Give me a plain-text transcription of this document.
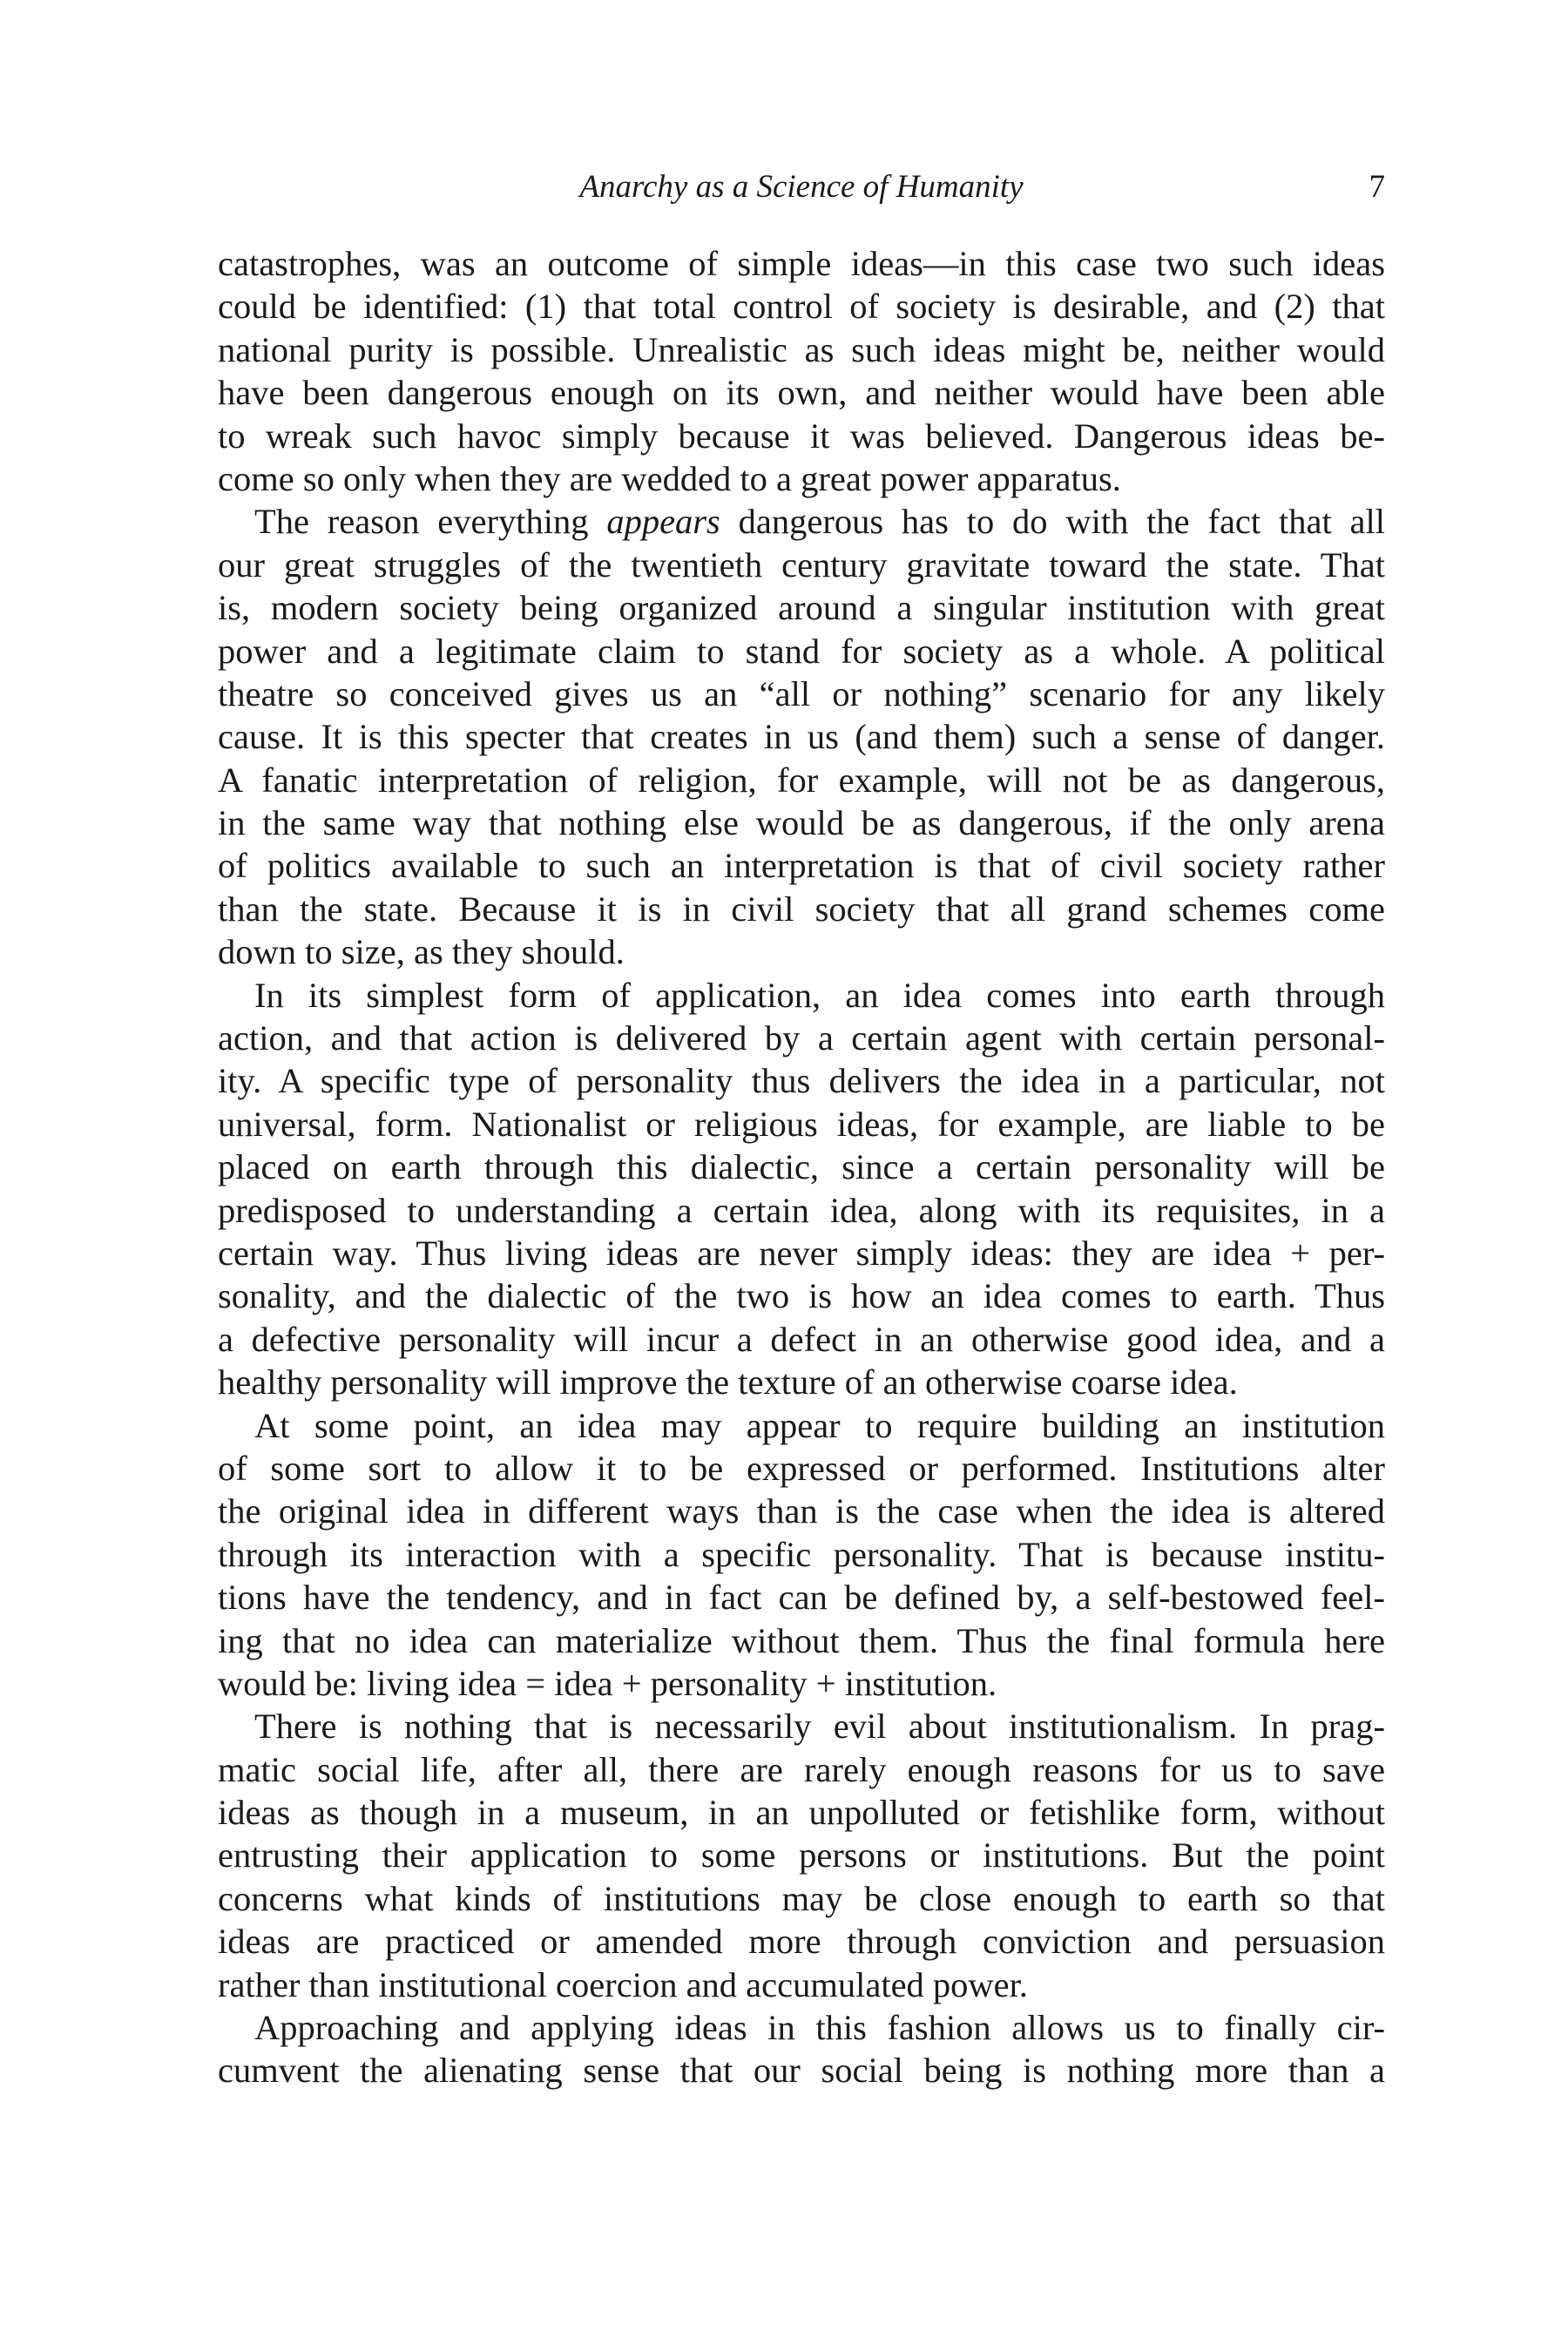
Anarchy as a Science of Humanity	7
catastrophes, was an outcome of simple ideas—in this case two such ideas
could be identified: (1) that total control of society is desirable, and (2) that
national purity is possible. Unrealistic as such ideas might be, neither would
have been dangerous enough on its own, and neither would have been able
to wreak such havoc simply because it was believed. Dangerous ideas be-
come so only when they are wedded to a great power apparatus.
The reason everything appears dangerous has to do with the fact that all
our great struggles of the twentieth century gravitate toward the state. That
is, modern society being organized around a singular institution with great
power and a legitimate claim to stand for society as a whole. A political
theatre so conceived gives us an “all or nothing” scenario for any likely
cause. It is this specter that creates in us (and them) such a sense of danger.
A fanatic interpretation of religion, for example, will not be as dangerous,
in the same way that nothing else would be as dangerous, if the only arena
of politics available to such an interpretation is that of civil society rather
than the state. Because it is in civil society that all grand schemes come
down to size, as they should.
In its simplest form of application, an idea comes into earth through
action, and that action is delivered by a certain agent with certain personal-
ity. A specific type of personality thus delivers the idea in a particular, not
universal, form. Nationalist or religious ideas, for example, are liable to be
placed on earth through this dialectic, since a certain personality will be
predisposed to understanding a certain idea, along with its requisites, in a
certain way. Thus living ideas are never simply ideas: they are idea + per-
sonality, and the dialectic of the two is how an idea comes to earth. Thus
a defective personality will incur a defect in an otherwise good idea, and a
healthy personality will improve the texture of an otherwise coarse idea.
At some point, an idea may appear to require building an institution
of some sort to allow it to be expressed or performed. Institutions alter
the original idea in different ways than is the case when the idea is altered
through its interaction with a specific personality. That is because institu-
tions have the tendency, and in fact can be defined by, a self-bestowed feel-
ing that no idea can materialize without them. Thus the final formula here
would be: living idea = idea + personality + institution.
There is nothing that is necessarily evil about institutionalism. In prag-
matic social life, after all, there are rarely enough reasons for us to save
ideas as though in a museum, in an unpolluted or fetishlike form, without
entrusting their application to some persons or institutions. But the point
concerns what kinds of institutions may be close enough to earth so that
ideas are practiced or amended more through conviction and persuasion
rather than institutional coercion and accumulated power.
Approaching and applying ideas in this fashion allows us to finally cir-
cumvent the alienating sense that our social being is nothing more than a
